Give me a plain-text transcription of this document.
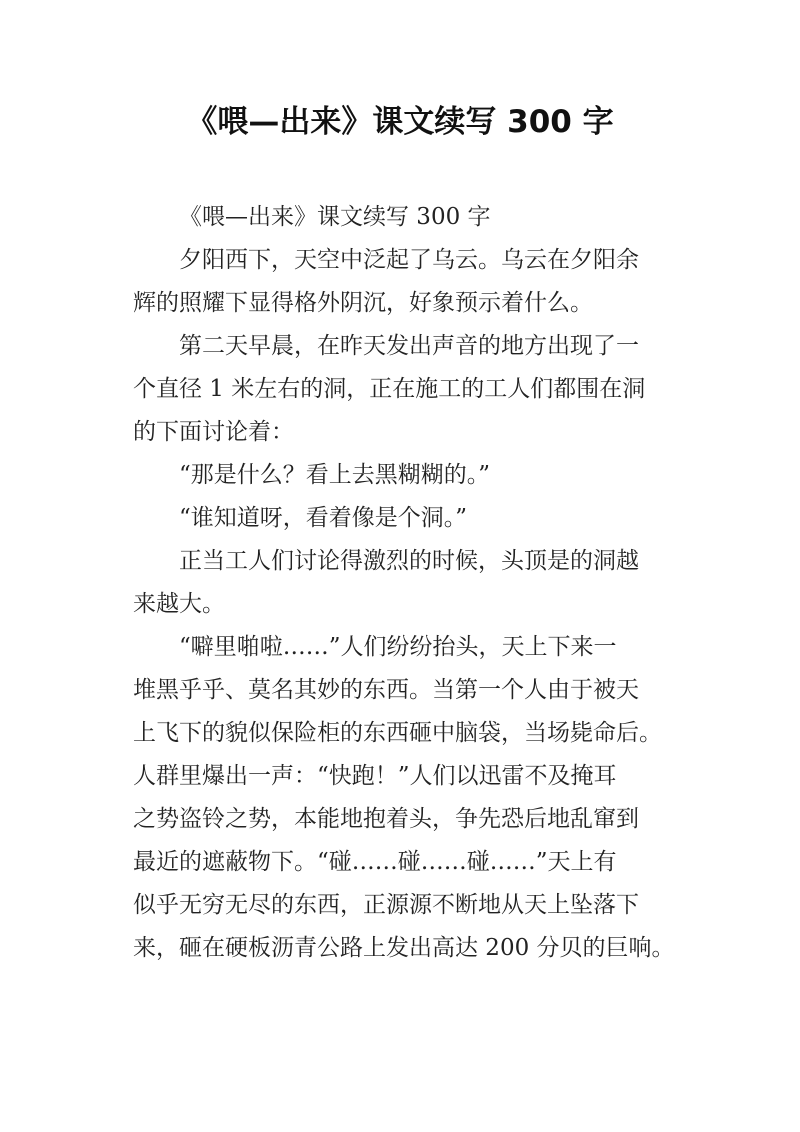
《喂—出来》课文续写 300 字
《喂—出来》课文续写 300 字
夕阳西下，天空中泛起了乌云。乌云在夕阳余
辉的照耀下显得格外阴沉，好象预示着什么。
第二天早晨，在昨天发出声音的地方出现了一
个直径 1 米左右的洞，正在施工的工人们都围在洞
的下面讨论着：
“那是什么？看上去黑糊糊的。”
“谁知道呀，看着像是个洞。”
正当工人们讨论得激烈的时候，头顶是的洞越
来越大。
“噼里啪啦……”人们纷纷抬头，天上下来一
堆黑乎乎、莫名其妙的东西。当第一个人由于被天
上飞下的貌似保险柜的东西砸中脑袋，当场毙命后。
人群里爆出一声：“快跑！”人们以迅雷不及掩耳
之势盗铃之势，本能地抱着头，争先恐后地乱窜到
最近的遮蔽物下。“碰……碰……碰……”天上有
似乎无穷无尽的东西，正源源不断地从天上坠落下
来，砸在硬板沥青公路上发出高达 200 分贝的巨响。
